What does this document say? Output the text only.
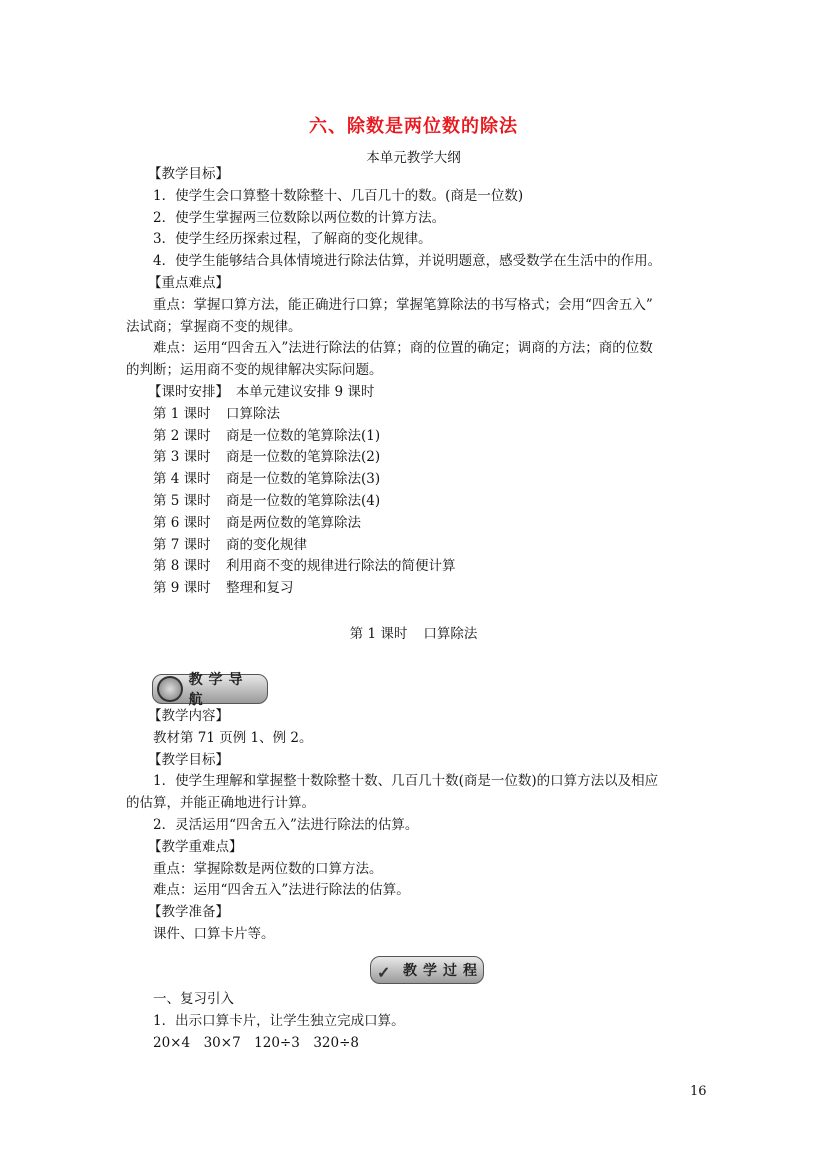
六、除数是两位数的除法
本单元教学大纲
【教学目标】
1．使学生会口算整十数除整十、几百几十的数。(商是一位数)
2．使学生掌握两三位数除以两位数的计算方法。
3．使学生经历探索过程，了解商的变化规律。
4．使学生能够结合具体情境进行除法估算，并说明题意，感受数学在生活中的作用。
【重点难点】
重点：掌握口算方法，能正确进行口算；掌握笔算除法的书写格式；会用“四舍五入”
法试商；掌握商不变的规律。
难点：运用“四舍五入”法进行除法的估算；商的位置的确定；调商的方法；商的位数
的判断；运用商不变的规律解决实际问题。
【课时安排】　本单元建议安排 9 课时
第 1 课时	口算除法
第 2 课时	商是一位数的笔算除法(1)
第 3 课时	商是一位数的笔算除法(2)
第 4 课时	商是一位数的笔算除法(3)
第 5 课时	商是一位数的笔算除法(4)
第 6 课时	商是两位数的笔算除法
第 7 课时	商的变化规律
第 8 课时	利用商不变的规律进行除法的简便计算
第 9 课时	整理和复习
第 1 课时 口算除法
教学导航
【教学内容】
教材第 71 页例 1、例 2。
【教学目标】
1．使学生理解和掌握整十数除整十数、几百几十数(商是一位数)的口算方法以及相应
的估算，并能正确地进行计算。
2．灵活运用“四舍五入”法进行除法的估算。
【教学重难点】
重点：掌握除数是两位数的口算方法。
难点：运用“四舍五入”法进行除法的估算。
【教学准备】
课件、口算卡片等。
✓ 教学过程
一、复习引入
1．出示口算卡片，让学生独立完成口算。
20×4　30×7　120÷3　320÷8
16
